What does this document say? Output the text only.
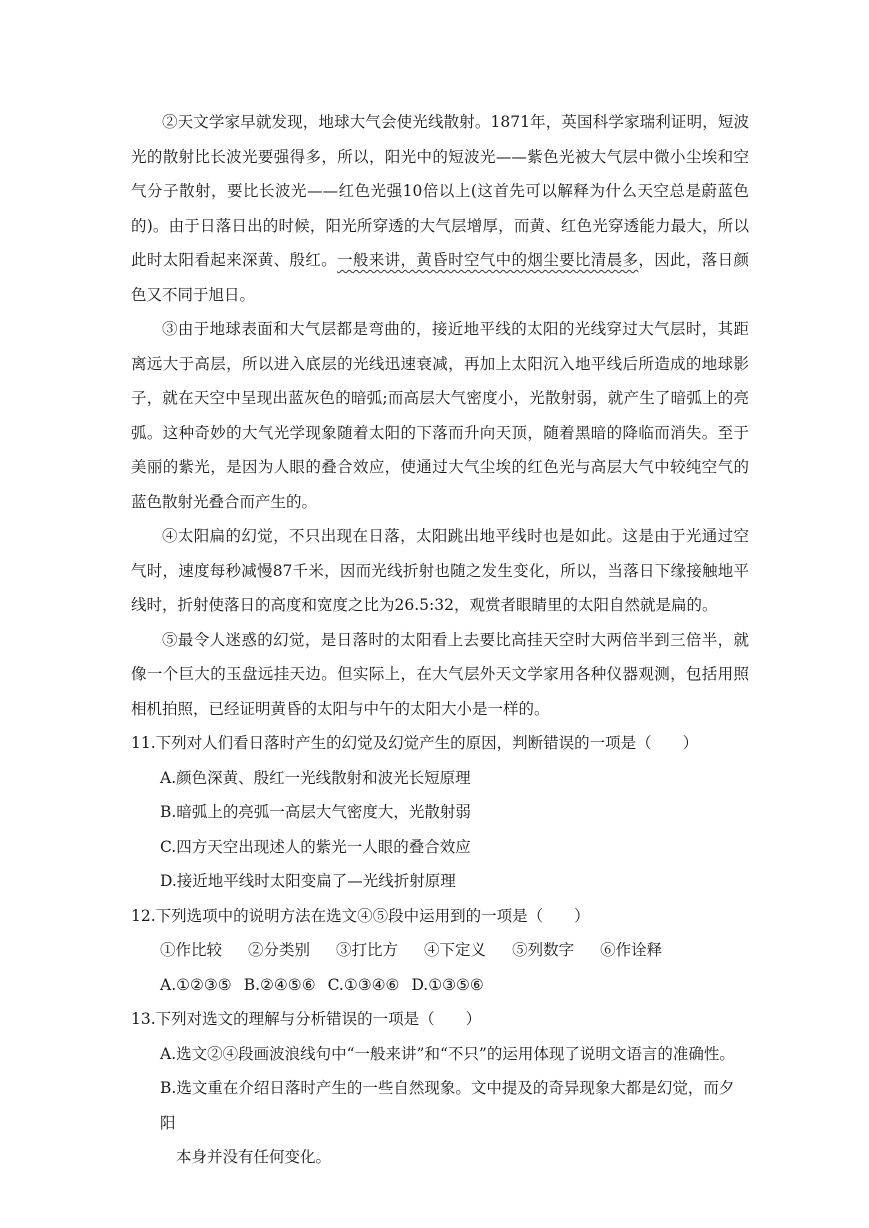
②天文学家早就发现，地球大气会使光线散射。1871年，英国科学家瑞利证明，短波光的散射比长波光要强得多，所以，阳光中的短波光——紫色光被大气层中微小尘埃和空气分子散射，要比长波光——红色光强10倍以上(这首先可以解释为什么天空总是蔚蓝色的)。由于日落日出的时候，阳光所穿透的大气层增厚，而黄、红色光穿透能力最大，所以此时太阳看起来深黄、殷红。一般来讲，黄昏时空气中的烟尘要比清晨多，因此，落日颜色又不同于旭日。

③由于地球表面和大气层都是弯曲的，接近地平线的太阳的光线穿过大气层时，其距离远大于高层，所以进入底层的光线迅速衰减，再加上太阳沉入地平线后所造成的地球影子，就在天空中呈现出蓝灰色的暗弧;而高层大气密度小，光散射弱，就产生了暗弧上的亮弧。这种奇妙的大气光学现象随着太阳的下落而升向天顶，随着黑暗的降临而消失。至于美丽的紫光，是因为人眼的叠合效应，使通过大气尘埃的红色光与高层大气中较纯空气的蓝色散射光叠合而产生的。

④太阳扁的幻觉，不只出现在日落，太阳跳出地平线时也是如此。这是由于光通过空气时，速度每秒减慢87千米，因而光线折射也随之发生变化，所以，当落日下缘接触地平线时，折射使落日的高度和宽度之比为26.5:32，观赏者眼睛里的太阳自然就是扁的。

⑤最令人迷惑的幻觉，是日落时的太阳看上去要比高挂天空时大两倍半到三倍半，就像一个巨大的玉盘远挂天边。但实际上，在大气层外天文学家用各种仪器观测，包括用照相机拍照，已经证明黄昏的太阳与中午的太阳大小是一样的。

11.下列对人们看日落时产生的幻觉及幻觉产生的原因，判断错误的一项是（　　）

A.颜色深黄、殷红一光线散射和波光长短原理

B.暗弧上的亮弧一高层大气密度大，光散射弱

C.四方天空出现述人的紫光一人眼的叠合效应

D.接近地平线时太阳变扁了—光线折射原理

12.下列选项中的说明方法在选文④⑤段中运用到的一项是（　　）

①作比较 ②分类别 ③打比方 ④下定义 ⑤列数字 ⑥作诠释
A.①②③⑤ B.②④⑤⑥ C.①③④⑥ D.①③⑤⑥

13.下列对选文的理解与分析错误的一项是（　　）

A.选文②④段画波浪线句中“一般来讲”和“不只”的运用体现了说明文语言的准确性。

B.选文重在介绍日落时产生的一些自然现象。文中提及的奇异现象大都是幻觉，而夕阳

本身并没有任何变化。
